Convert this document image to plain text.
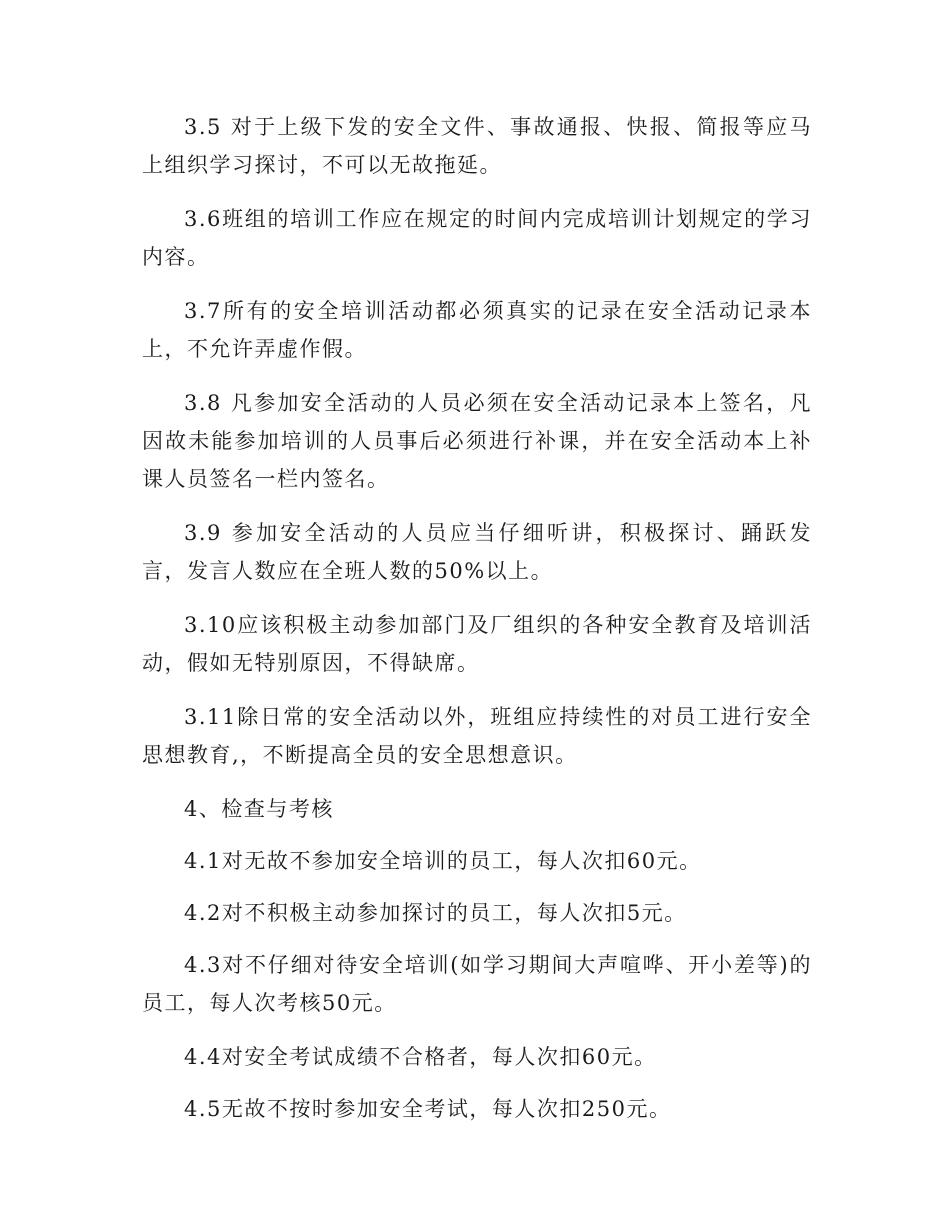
3.5 对于上级下发的安全文件、事故通报、快报、简报等应马上组织学习探讨，不可以无故拖延。

3.6班组的培训工作应在规定的时间内完成培训计划规定的学习内容。

3.7所有的安全培训活动都必须真实的记录在安全活动记录本上，不允许弄虚作假。

3.8 凡参加安全活动的人员必须在安全活动记录本上签名，凡因故未能参加培训的人员事后必须进行补课，并在安全活动本上补课人员签名一栏内签名。

3.9 参加安全活动的人员应当仔细听讲，积极探讨、踊跃发言，发言人数应在全班人数的50%以上。

3.10应该积极主动参加部门及厂组织的各种安全教育及培训活动，假如无特别原因，不得缺席。

3.11除日常的安全活动以外，班组应持续性的对员工进行安全思想教育,，不断提高全员的安全思想意识。

4、检查与考核

4.1对无故不参加安全培训的员工，每人次扣60元。

4.2对不积极主动参加探讨的员工，每人次扣5元。

4.3对不仔细对待安全培训(如学习期间大声喧哗、开小差等)的员工，每人次考核50元。

4.4对安全考试成绩不合格者，每人次扣60元。

4.5无故不按时参加安全考试，每人次扣250元。
